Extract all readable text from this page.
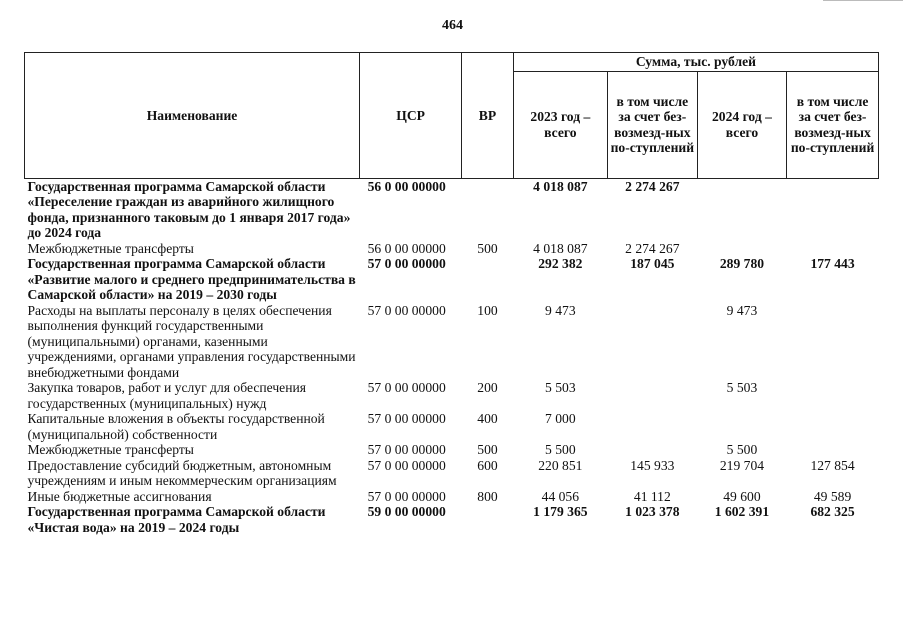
464
Наименование	ЦСР	ВР	Сумма, тыс. рублей			
			2023 год – всего	в том числе за счет без-возмезд-ных по-ступлений	2024 год – всего	в том числе за счет без-возмезд-ных по-ступлений
Государственная программа Самарской области «Переселение граждан из аварийного жилищного фонда, признанного таковым до 1 января 2017 года» до 2024 года	56 0 00 00000		4 018 087	2 274 267		
Межбюджетные трансферты	56 0 00 00000	500	4 018 087	2 274 267		
Государственная программа Самарской области «Развитие малого и среднего предпринимательства в Самарской области» на 2019 – 2030 годы	57 0 00 00000		292 382	187 045	289 780	177 443
Расходы на выплаты персоналу в целях обеспечения выполнения функций государственными (муниципальными) органами, казенными учреждениями, органами управления государственными внебюджетными фондами	57 0 00 00000	100	9 473		9 473	
Закупка товаров, работ и услуг для обеспечения государственных (муниципальных) нужд	57 0 00 00000	200	5 503		5 503	
Капитальные вложения в объекты государственной (муниципальной) собственности	57 0 00 00000	400	7 000			
Межбюджетные трансферты	57 0 00 00000	500	5 500		5 500	
Предоставление субсидий бюджетным, автономным учреждениям и иным некоммерческим организациям	57 0 00 00000	600	220 851	145 933	219 704	127 854
Иные бюджетные ассигнования	57 0 00 00000	800	44 056	41 112	49 600	49 589
Государственная программа Самарской области «Чистая вода» на 2019 – 2024 годы	59 0 00 00000		1 179 365	1 023 378	1 602 391	682 325
